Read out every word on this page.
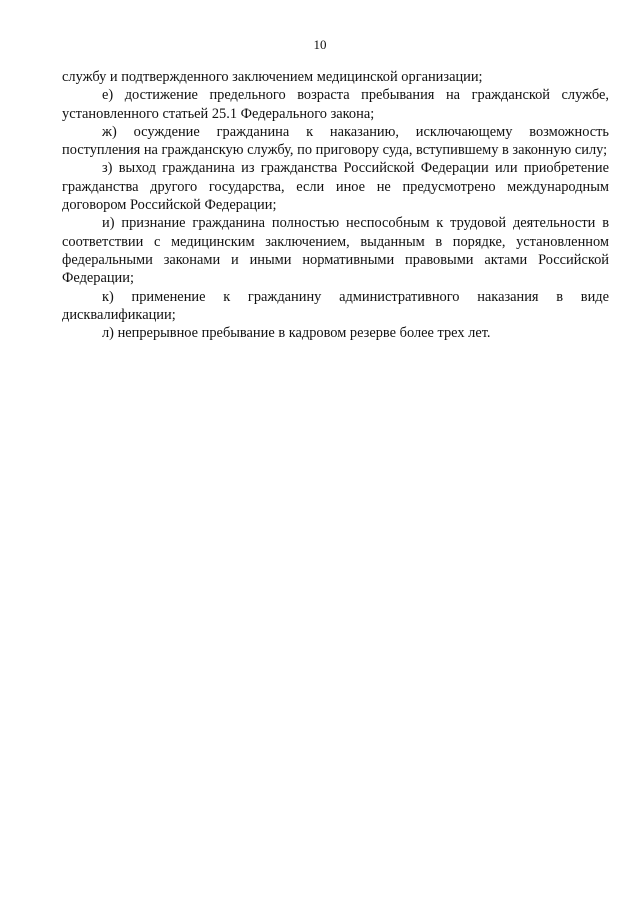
10

службу и подтвержденного заключением медицинской организации;

е) достижение предельного возраста пребывания на гражданской службе, установленного статьей 25.1 Федерального закона;

ж) осуждение гражданина к наказанию, исключающему возможность поступления на гражданскую службу, по приговору суда, вступившему в законную силу;

з) выход гражданина из гражданства Российской Федерации или приобретение гражданства другого государства, если иное не предусмотрено международным договором Российской Федерации;

и) признание гражданина полностью неспособным к трудовой деятельности в соответствии с медицинским заключением, выданным в порядке, установленном федеральными законами и иными нормативными правовыми актами Российской Федерации;

к) применение к гражданину административного наказания в виде дисквалификации;

л) непрерывное пребывание в кадровом резерве более трех лет.
